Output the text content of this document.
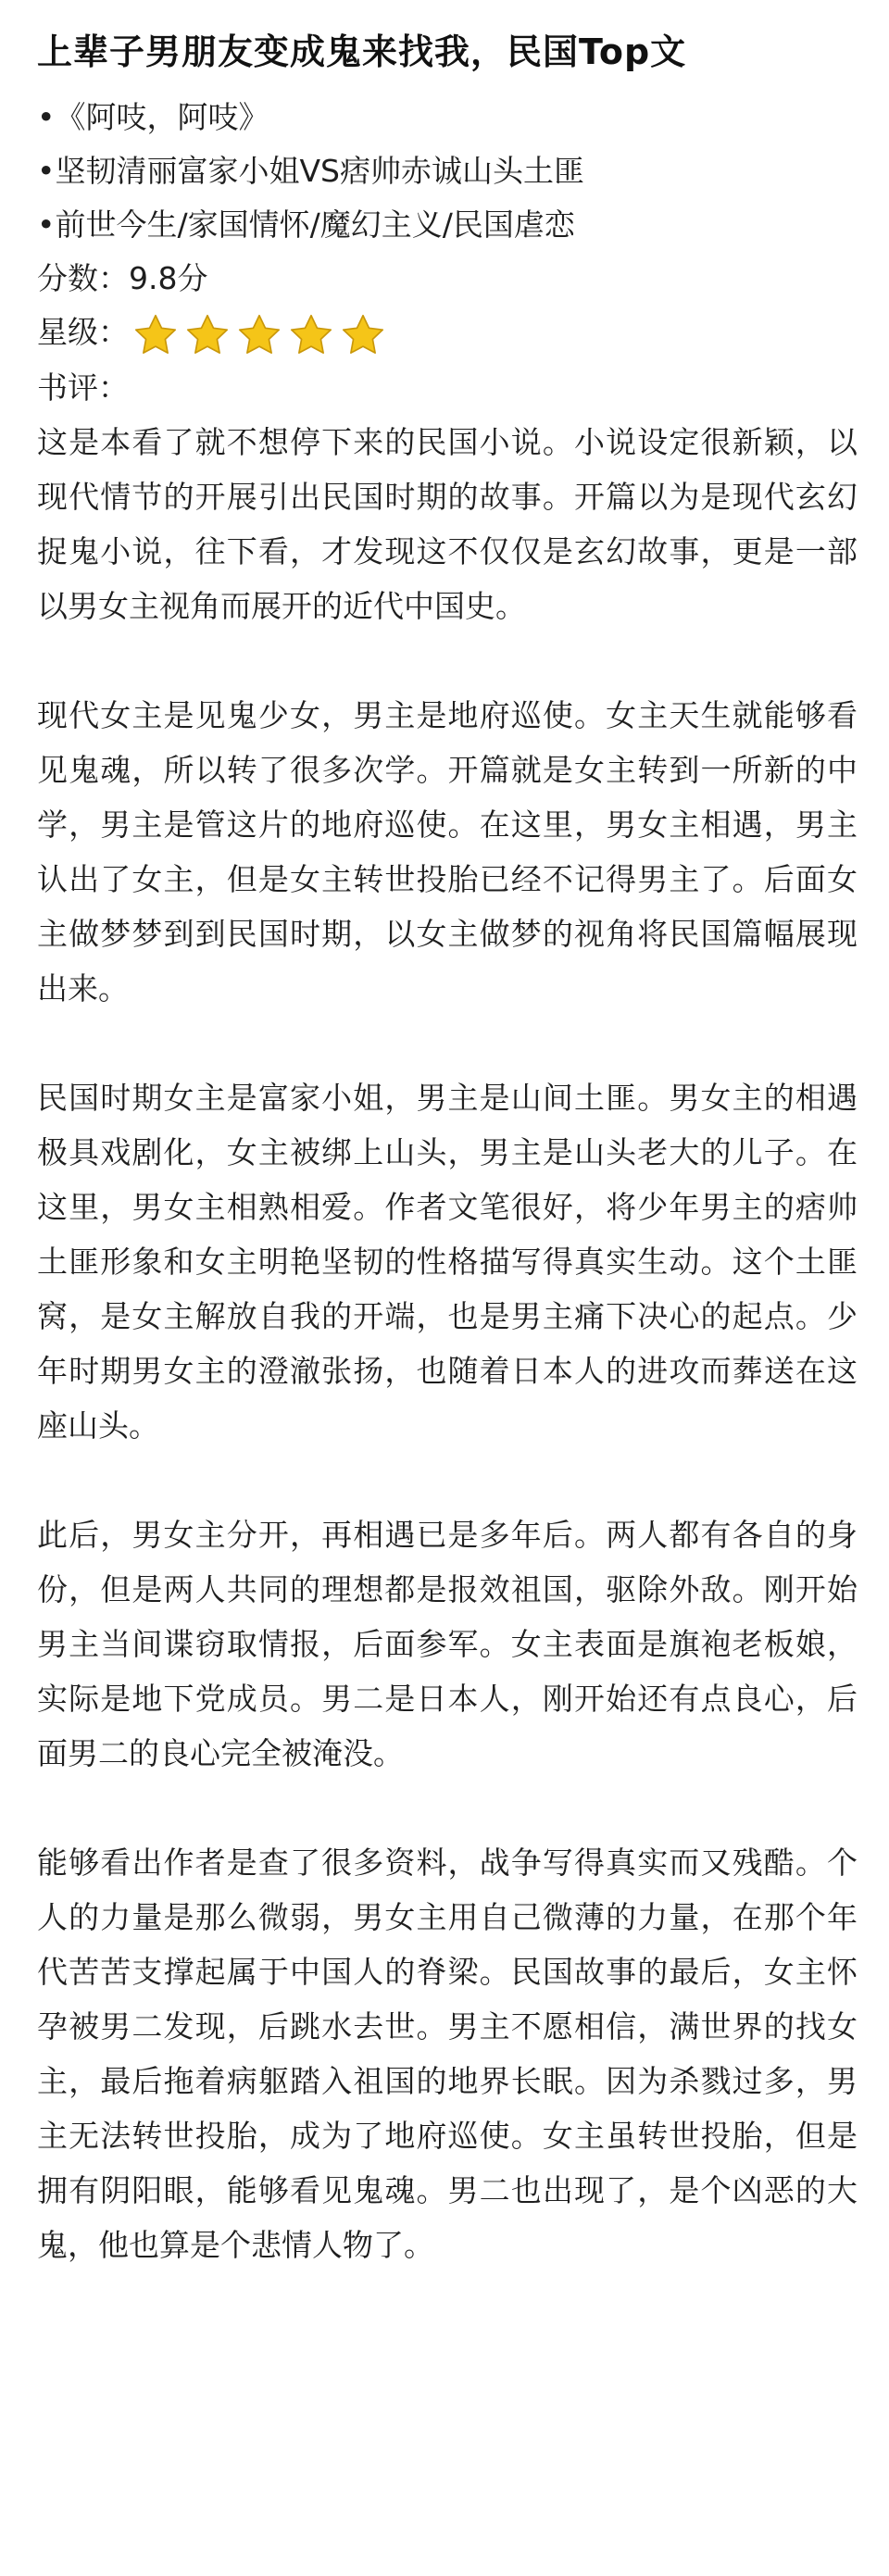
上辈子男朋友变成鬼来找我，民国Top文
•《阿吱，阿吱》
•坚韧清丽富家小姐VS痞帅赤诚山头土匪
•前世今生/家国情怀/魔幻主义/民国虐恋
分数：9.8分
星级：
书评：

这是本看了就不想停下来的民国小说。小说设定很新颖，以现代情节的开展引出民国时期的故事。开篇以为是现代玄幻捉鬼小说，往下看，才发现这不仅仅是玄幻故事，更是一部以男女主视角而展开的近代中国史。

现代女主是见鬼少女，男主是地府巡使。女主天生就能够看见鬼魂，所以转了很多次学。开篇就是女主转到一所新的中学，男主是管这片的地府巡使。在这里，男女主相遇，男主认出了女主，但是女主转世投胎已经不记得男主了。后面女主做梦梦到到民国时期，以女主做梦的视角将民国篇幅展现出来。

民国时期女主是富家小姐，男主是山间土匪。男女主的相遇极具戏剧化，女主被绑上山头，男主是山头老大的儿子。在这里，男女主相熟相爱。作者文笔很好，将少年男主的痞帅土匪形象和女主明艳坚韧的性格描写得真实生动。这个土匪窝，是女主解放自我的开端，也是男主痛下决心的起点。少年时期男女主的澄澈张扬，也随着日本人的进攻而葬送在这座山头。

此后，男女主分开，再相遇已是多年后。两人都有各自的身份，但是两人共同的理想都是报效祖国，驱除外敌。刚开始男主当间谍窃取情报，后面参军。女主表面是旗袍老板娘，实际是地下党成员。男二是日本人，刚开始还有点良心，后面男二的良心完全被淹没。

能够看出作者是查了很多资料，战争写得真实而又残酷。个人的力量是那么微弱，男女主用自己微薄的力量，在那个年代苦苦支撑起属于中国人的脊梁。民国故事的最后，女主怀孕被男二发现，后跳水去世。男主不愿相信，满世界的找女主，最后拖着病躯踏入祖国的地界长眠。因为杀戮过多，男主无法转世投胎，成为了地府巡使。女主虽转世投胎，但是拥有阴阳眼，能够看见鬼魂。男二也出现了，是个凶恶的大鬼，他也算是个悲情人物了。
